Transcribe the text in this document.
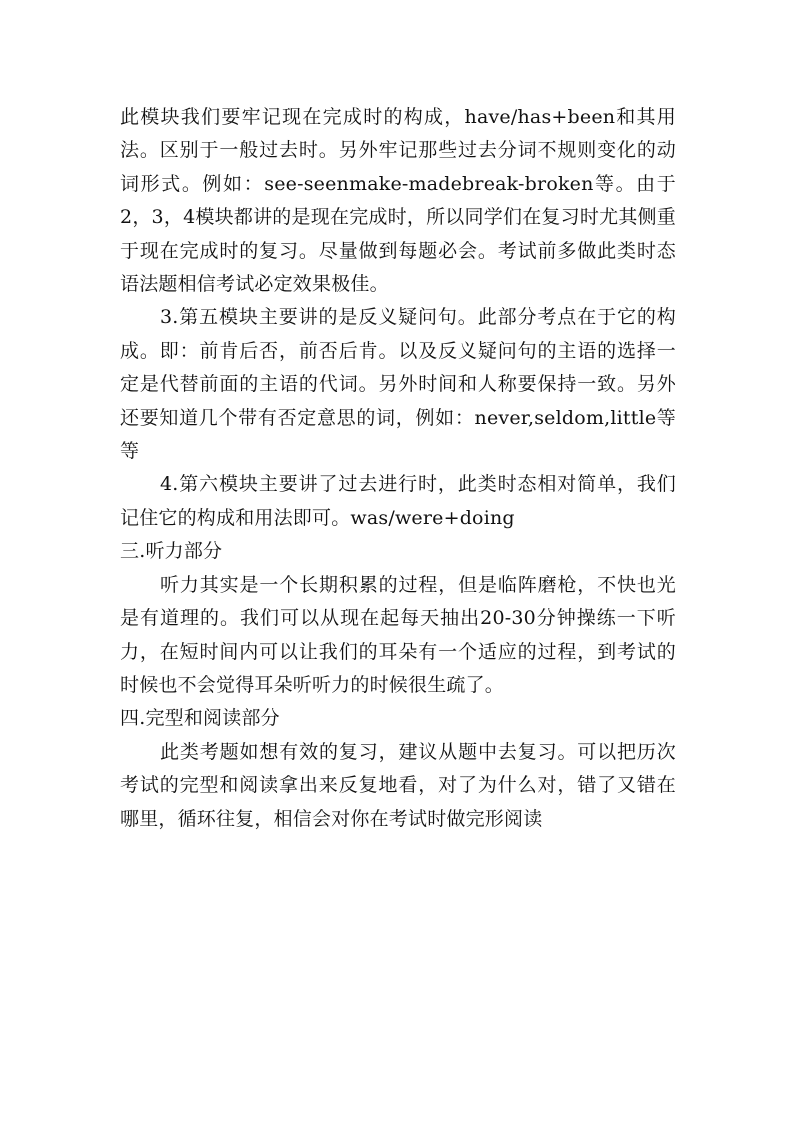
此模块我们要牢记现在完成时的构成，have/has+been和其用法。区别于一般过去时。另外牢记那些过去分词不规则变化的动词形式。例如：see-seenmake-madebreak-broken等。由于2，3，4模块都讲的是现在完成时，所以同学们在复习时尤其侧重于现在完成时的复习。尽量做到每题必会。考试前多做此类时态语法题相信考试必定效果极佳。

3.第五模块主要讲的是反义疑问句。此部分考点在于它的构成。即：前肯后否，前否后肯。以及反义疑问句的主语的选择一定是代替前面的主语的代词。另外时间和人称要保持一致。另外还要知道几个带有否定意思的词，例如：never,seldom,little等等

4.第六模块主要讲了过去进行时，此类时态相对简单，我们记住它的构成和用法即可。was/were+doing

三.听力部分

听力其实是一个长期积累的过程，但是临阵磨枪，不快也光是有道理的。我们可以从现在起每天抽出20-30分钟操练一下听力，在短时间内可以让我们的耳朵有一个适应的过程，到考试的时候也不会觉得耳朵听听力的时候很生疏了。

四.完型和阅读部分

此类考题如想有效的复习，建议从题中去复习。可以把历次考试的完型和阅读拿出来反复地看，对了为什么对，错了又错在哪里，循环往复，相信会对你在考试时做完形阅读
